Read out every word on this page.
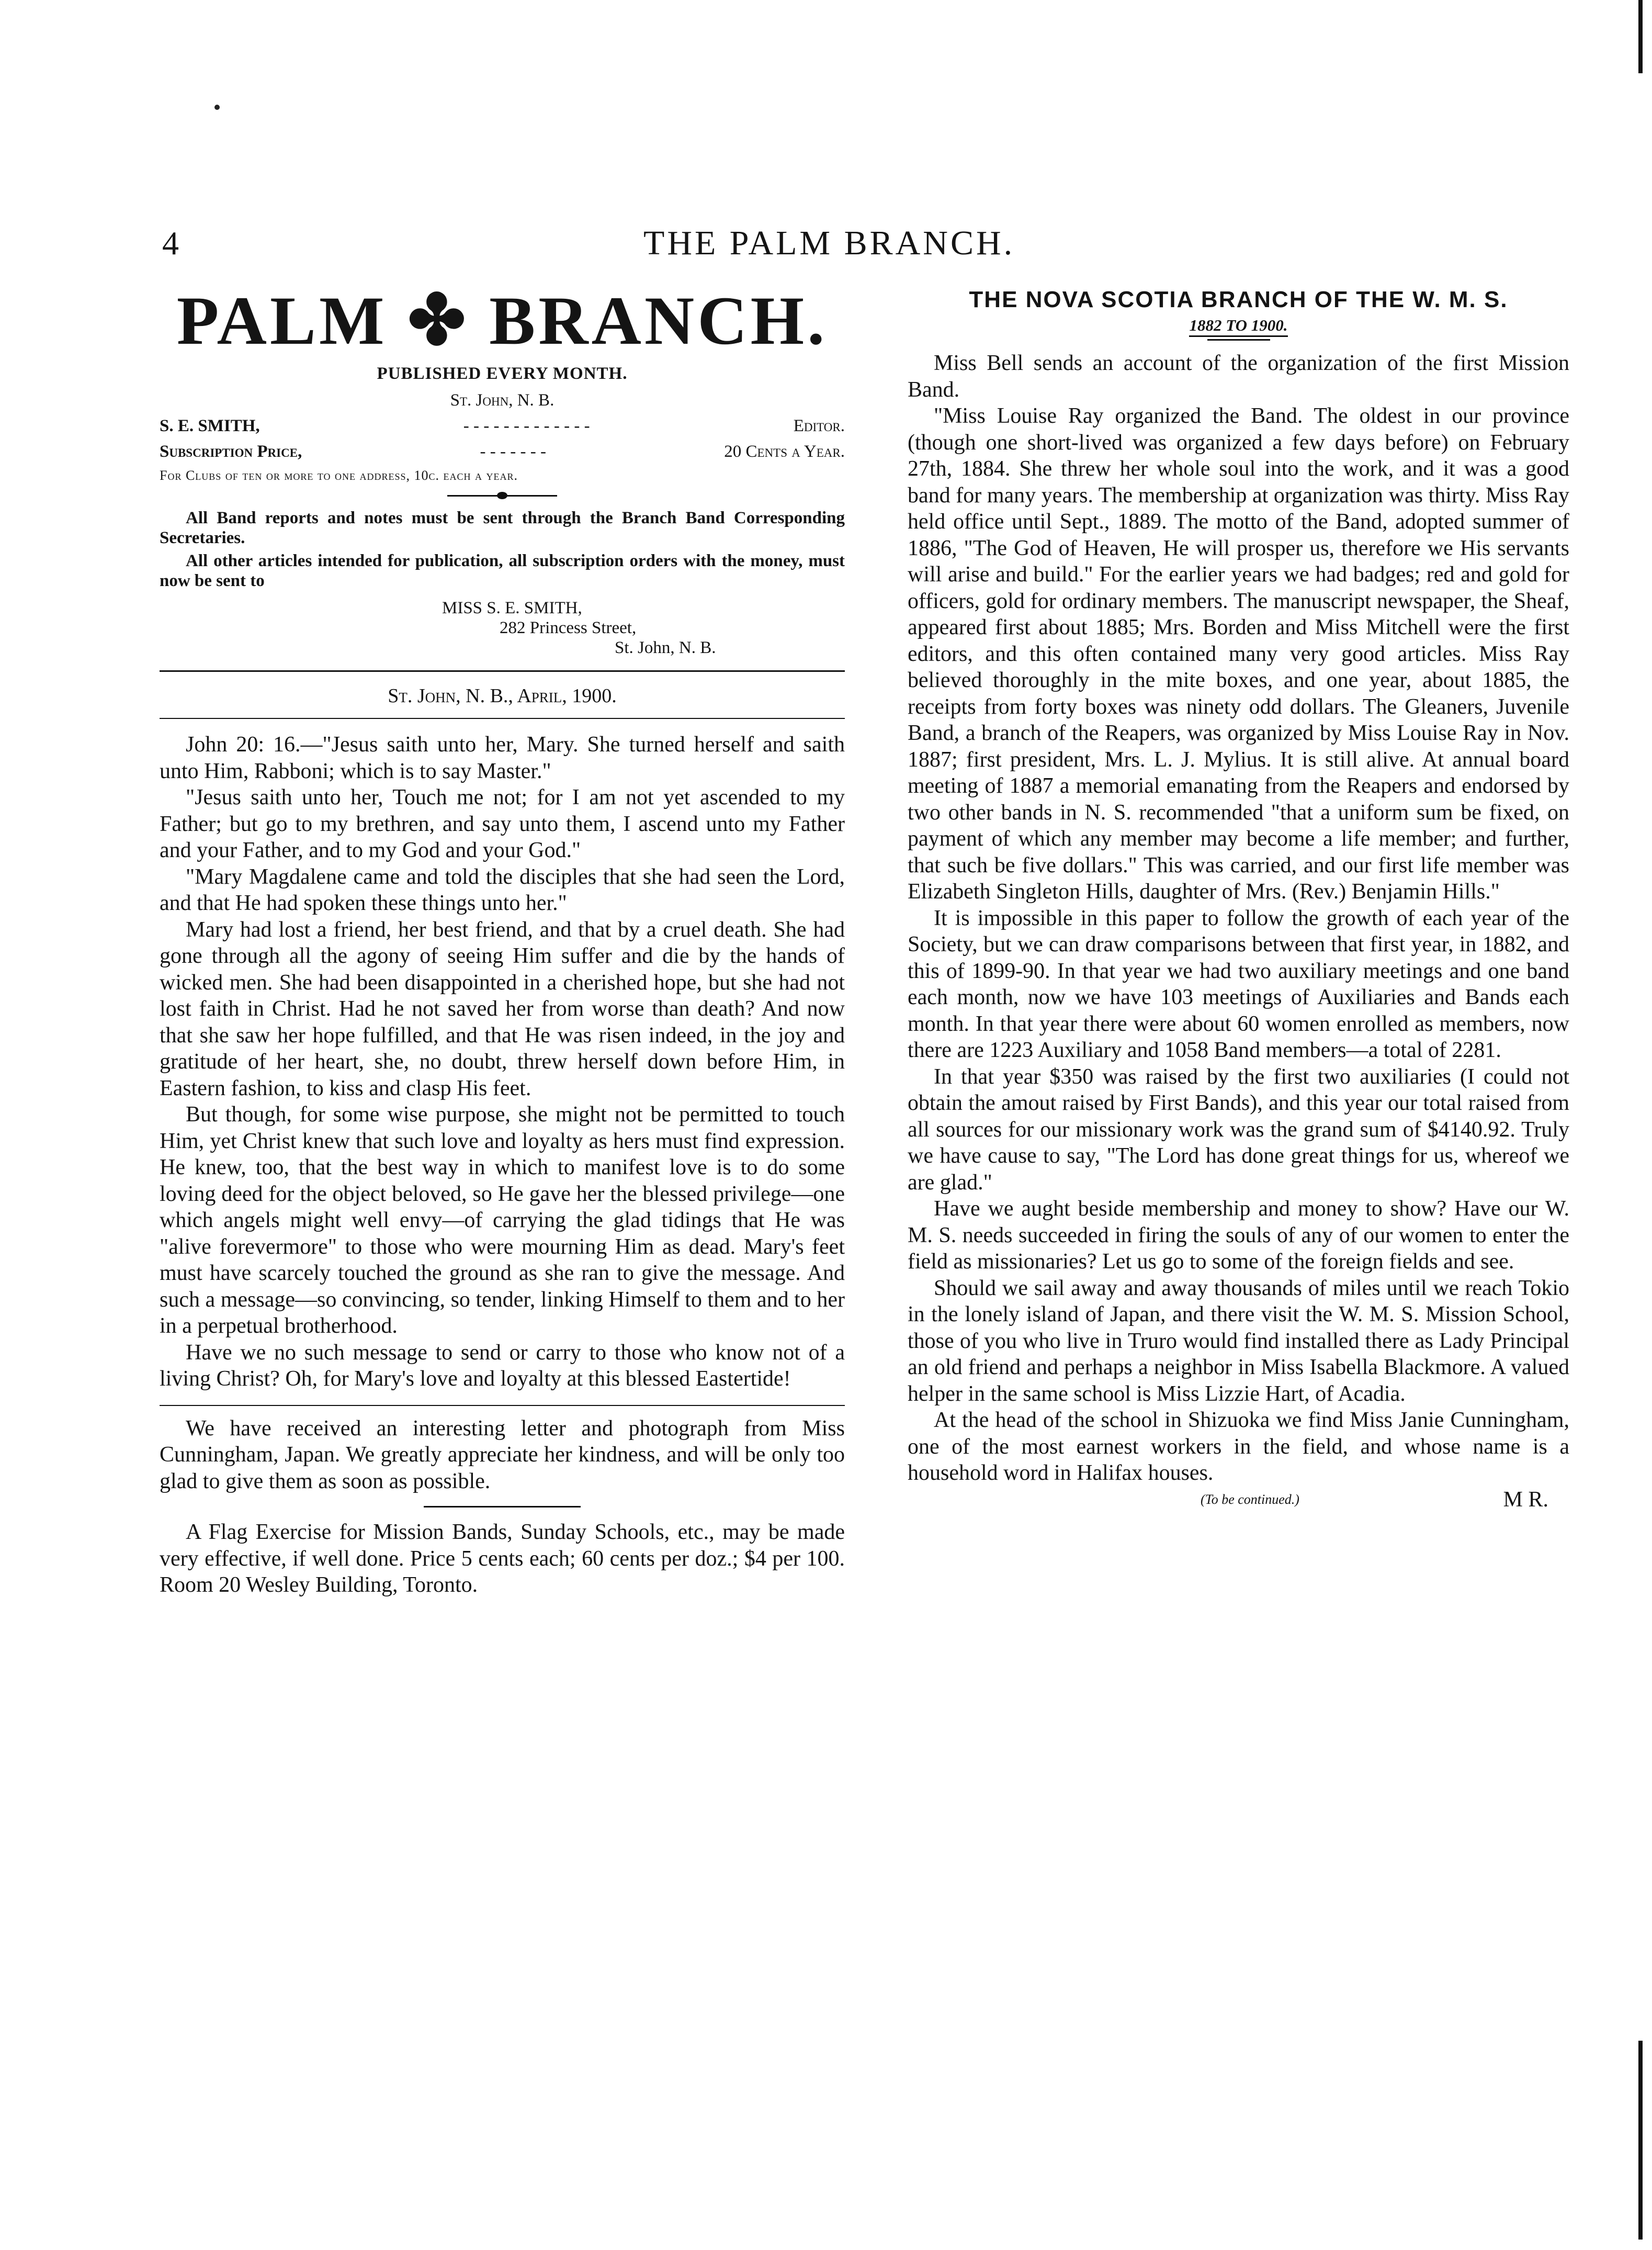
4	THE PALM BRANCH.
PALM ✤ BRANCH.
PUBLISHED EVERY MONTH.
St. John, N. B.
S. E. SMITH,	- - - - - - - - - - - - -	Editor.
Subscription Price,	- - - - - - -	20 Cents a Year.
For Clubs of ten or more to one address, 10c. each a year.

All Band reports and notes must be sent through the Branch Band Corresponding Secretaries.

All other articles intended for publication, all subscription orders with the money, must now be sent to

MISS S. E. SMITH,
282 Princess Street,
St. John, N. B.
St. John, N. B., April, 1900.

John 20: 16.—"Jesus saith unto her, Mary. She turned herself and saith unto Him, Rabboni; which is to say Master."

"Jesus saith unto her, Touch me not; for I am not yet ascended to my Father; but go to my brethren, and say unto them, I ascend unto my Father and your Father, and to my God and your God."

"Mary Magdalene came and told the disciples that she had seen the Lord, and that He had spoken these things unto her."

Mary had lost a friend, her best friend, and that by a cruel death. She had gone through all the agony of seeing Him suffer and die by the hands of wicked men. She had been disappointed in a cherished hope, but she had not lost faith in Christ. Had he not saved her from worse than death? And now that she saw her hope fulfilled, and that He was risen indeed, in the joy and gratitude of her heart, she, no doubt, threw herself down before Him, in Eastern fashion, to kiss and clasp His feet.

But though, for some wise purpose, she might not be permitted to touch Him, yet Christ knew that such love and loyalty as hers must find expression. He knew, too, that the best way in which to manifest love is to do some loving deed for the object beloved, so He gave her the blessed privilege—one which angels might well envy—of carrying the glad tidings that He was "alive forevermore" to those who were mourning Him as dead. Mary's feet must have scarcely touched the ground as she ran to give the message. And such a message—so convincing, so tender, linking Himself to them and to her in a perpetual brotherhood.

Have we no such message to send or carry to those who know not of a living Christ? Oh, for Mary's love and loyalty at this blessed Eastertide!

We have received an interesting letter and photograph from Miss Cunningham, Japan. We greatly appreciate her kindness, and will be only too glad to give them as soon as possible.

A Flag Exercise for Mission Bands, Sunday Schools, etc., may be made very effective, if well done. Price 5 cents each; 60 cents per doz.; $4 per 100. Room 20 Wesley Building, Toronto.

THE NOVA SCOTIA BRANCH OF THE W. M. S.
1882 TO 1900.

Miss Bell sends an account of the organization of the first Mission Band.

"Miss Louise Ray organized the Band. The oldest in our province (though one short-lived was organized a few days before) on February 27th, 1884. She threw her whole soul into the work, and it was a good band for many years. The membership at organization was thirty. Miss Ray held office until Sept., 1889. The motto of the Band, adopted summer of 1886, "The God of Heaven, He will prosper us, therefore we His servants will arise and build." For the earlier years we had badges; red and gold for officers, gold for ordinary members. The manuscript newspaper, the Sheaf, appeared first about 1885; Mrs. Borden and Miss Mitchell were the first editors, and this often contained many very good articles. Miss Ray believed thoroughly in the mite boxes, and one year, about 1885, the receipts from forty boxes was ninety odd dollars. The Gleaners, Juvenile Band, a branch of the Reapers, was organized by Miss Louise Ray in Nov. 1887; first president, Mrs. L. J. Mylius. It is still alive. At annual board meeting of 1887 a memorial emanating from the Reapers and endorsed by two other bands in N. S. recommended "that a uniform sum be fixed, on payment of which any member may become a life member; and further, that such be five dollars." This was carried, and our first life member was Elizabeth Singleton Hills, daughter of Mrs. (Rev.) Benjamin Hills."

It is impossible in this paper to follow the growth of each year of the Society, but we can draw comparisons between that first year, in 1882, and this of 1899-90. In that year we had two auxiliary meetings and one band each month, now we have 103 meetings of Auxiliaries and Bands each month. In that year there were about 60 women enrolled as members, now there are 1223 Auxiliary and 1058 Band members—a total of 2281.

In that year $350 was raised by the first two auxiliaries (I could not obtain the amout raised by First Bands), and this year our total raised from all sources for our missionary work was the grand sum of $4140.92. Truly we have cause to say, "The Lord has done great things for us, whereof we are glad."

Have we aught beside membership and money to show? Have our W. M. S. needs succeeded in firing the souls of any of our women to enter the field as missionaries? Let us go to some of the foreign fields and see.

Should we sail away and away thousands of miles until we reach Tokio in the lonely island of Japan, and there visit the W. M. S. Mission School, those of you who live in Truro would find installed there as Lady Principal an old friend and perhaps a neighbor in Miss Isabella Blackmore. A valued helper in the same school is Miss Lizzie Hart, of Acadia.

At the head of the school in Shizuoka we find Miss Janie Cunningham, one of the most earnest workers in the field, and whose name is a household word in Halifax houses.

(To be continued.)	M R.
